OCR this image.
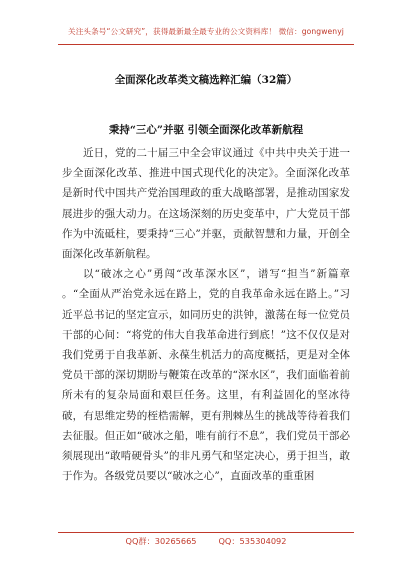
关注头条号“公文研究”，获得最新最全最专业的公文资料库！ 微信：gongwenyj
全面深化改革类文稿选粹汇编（32篇）
秉持“三心”并驱 引领全面深化改革新航程

近日，党的二十届三中全会审议通过《中共中央关于进一步全面深化改革、推进中国式现代化的决定》。全面深化改革是新时代中国共产党治国理政的重大战略部署，是推动国家发展进步的强大动力。在这场深刻的历史变革中，广大党员干部作为中流砥柱，要秉持“三心”并驱，贡献智慧和力量，开创全面深化改革新航程。

以“破冰之心”勇闯“改革深水区”，谱写“担当”新篇章 。“全面从严治党永远在路上，党的自我革命永远在路上。”习近平总书记的坚定宣示，如同历史的洪钟，激荡在每一位党员干部的心间：“将党的伟大自我革命进行到底！”这不仅仅是对我们党勇于自我革新、永葆生机活力的高度概括，更是对全体党员干部的深切期盼与鞭策在改革的“深水区”，我们面临着前所未有的复杂局面和艰巨任务。这里，有利益固化的坚冰待破，有思维定势的桎梏需解，更有荆棘丛生的挑战等待着我们去征服。但正如“破冰之船，唯有前行不息”，我们党员干部必须展现出“敢啃硬骨头”的非凡勇气和坚定决心，勇于担当，敢于作为。各级党员要以“破冰之心”，直面改革的重重困

QQ群：30265665	QQ：535304092
